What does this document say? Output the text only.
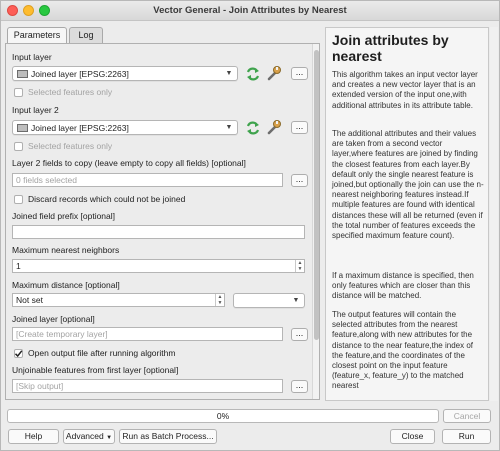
Vector General - Join Attributes by Nearest
Parameters	Log
Input layer
Joined layer [EPSG:2263]	▼	...
Selected features only
Input layer 2
Joined layer [EPSG:2263]	▼	...
Selected features only
Layer 2 fields to copy (leave empty to copy all fields) [optional]
0 fields selected	...
Discard records which could not be joined
Joined field prefix [optional]
Maximum nearest neighbors
1	▲
▼
Maximum distance [optional]
Not set	▲
▼	▼
Joined layer [optional]
[Create temporary layer]	...
Open output file after running algorithm
Unjoinable features from first layer [optional]
[Skip output]	...
Join attributes by nearest

This algorithm takes an input vector layer and creates a new vector layer that is an extended version of the input one,with additional attributes in its attribute table.

The additional attributes and their values are taken from a second vector layer,where features are joined by finding the closest features from each layer.By default only the single nearest feature is joined,but optionally the join can use the n-nearest neighboring features instead.If multiple features are found with identical distances these will all be returned (even if the total number of features exceeds the specified maximum feature count).

If a maximum distance is specified, then only features which are closer than this distance will be matched.

The output features will contain the selected attributes from the nearest feature,along with new attributes for the distance to the near feature,the index of the feature,and the coordinates of the closest point on the input feature (feature_x, feature_y) to the matched nearest

0%	Cancel
Help	Advanced ▼	Run as Batch Process...	Close	Run
